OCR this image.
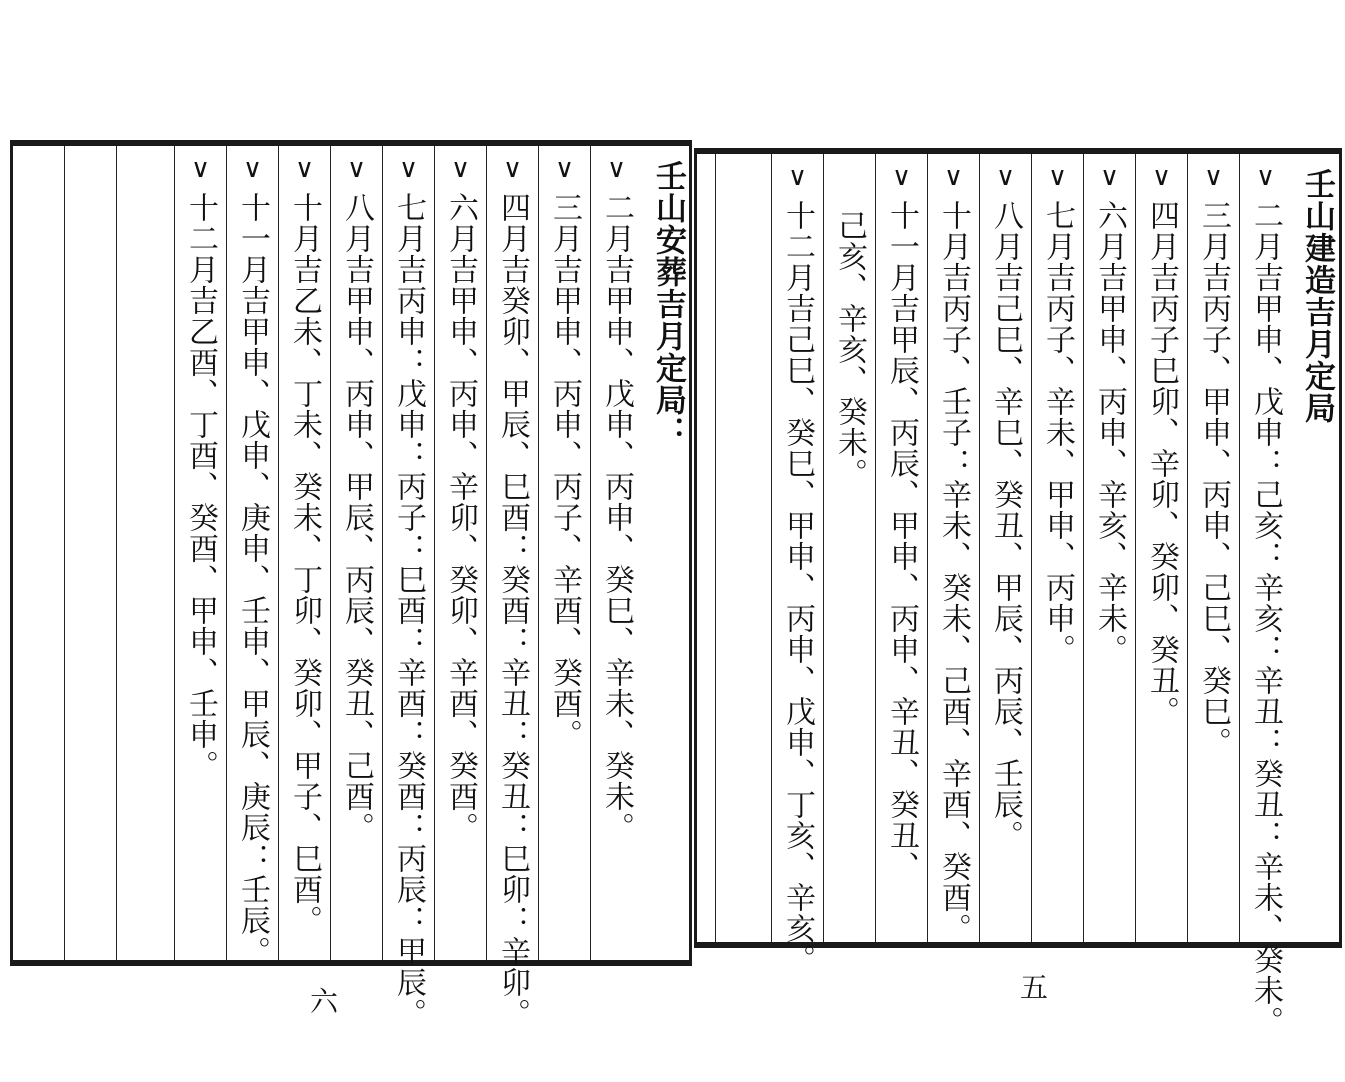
壬山安葬吉月定局：
∨
二月吉甲申、戊申、丙申、癸巳、辛未、癸未。
∨
三月吉甲申、丙申、丙子、辛酉、癸酉。
∨
四月吉癸卯、甲辰、巳酉：癸酉：辛丑：癸丑：巳卯：辛卯。
∨
六月吉甲申、丙申、辛卯、癸卯、辛酉、癸酉。
∨
七月吉丙申：戊申：丙子：巳酉：辛酉：癸酉：丙辰：甲辰。
∨
八月吉甲申、丙申、甲辰、丙辰、癸丑、己酉。
∨
十月吉乙未、丁未、癸未、丁卯、癸卯、甲子、巳酉。
∨
十一月吉甲申、戊申、庚申、壬申、甲辰、庚辰：壬辰。
∨
十二月吉乙酉、丁酉、癸酉、甲申、壬申。
六
壬山建造吉月定局
∨
二月吉甲申、戊申：己亥：辛亥：辛丑：癸丑：辛未、癸未。
∨
三月吉丙子、甲申、丙申、己巳、癸巳。
∨
四月吉丙子巳卯、辛卯、癸卯、癸丑。
∨
六月吉甲申、丙申、辛亥、辛未。
∨
七月吉丙子、辛未、甲申、丙申。
∨
八月吉己巳、辛巳、癸丑、甲辰、丙辰、壬辰。
∨
十月吉丙子、壬子：辛未、癸未、己酉、辛酉、癸酉。
∨
十一月吉甲辰、丙辰、甲申、丙申、辛丑、癸丑、
己亥、辛亥、癸未。
∨
十二月吉己巳、癸巳、甲申、丙申、戊申、丁亥、辛亥。
五
